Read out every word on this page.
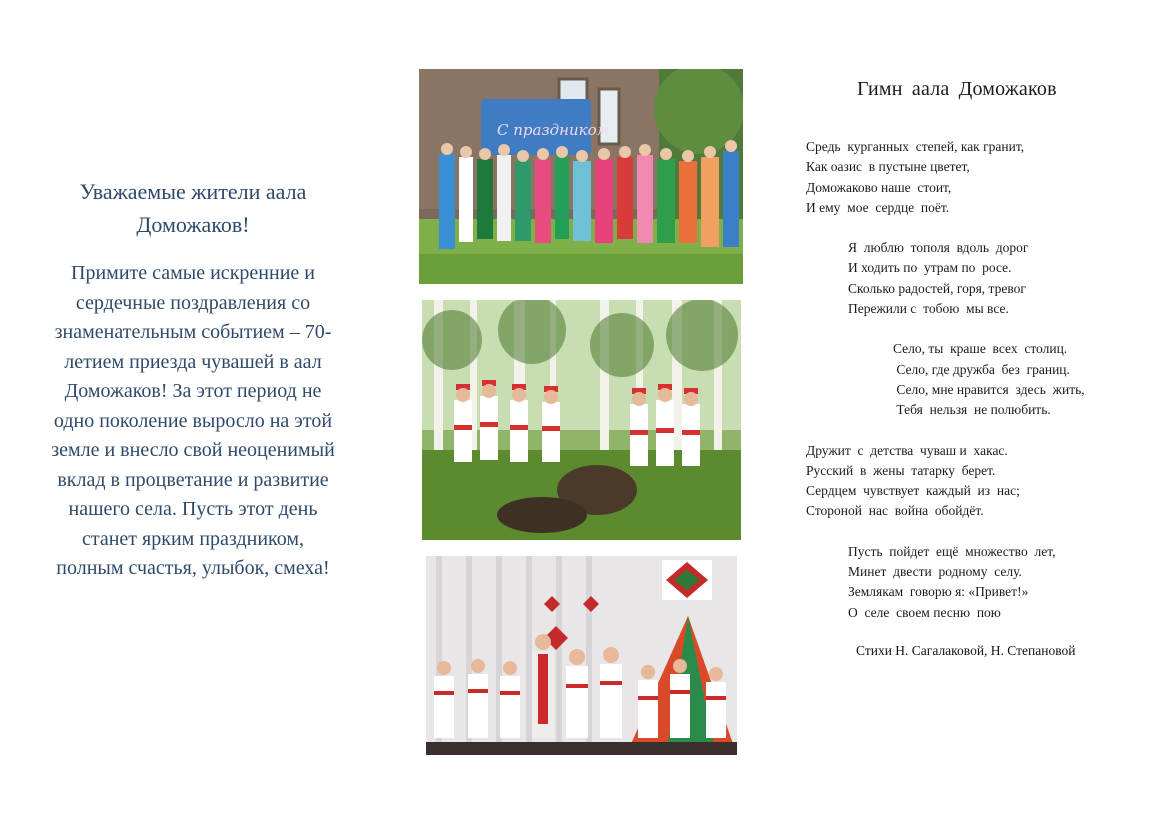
Уважаемые жители аала
Доможаков!

Примите самые искренние и
сердечные поздравления со
знаменательным событием – 70-
летием приезда чувашей в аал
Доможаков! За этот период не
одно поколение выросло на этой
земле и внесло свой неоценимый
вклад в процветание и развитие
нашего села. Пусть этот день
станет ярким праздником,
полным счастья, улыбок, смеха!

С праздником
Гимн аала Доможаков
Средь  курганных  степей, как гранит,
Как оазис  в пустыне цветет,
Доможаково наше  стоит,
И ему  мое  сердце  поёт.
Я  люблю  тополя  вдоль  дорог
И ходить по  утрам по  росе.
Сколько радостей, горя, тревог
Пережили с  тобою  мы все.
Село, ты  краше  всех  столиц.
Село, где дружба  без  границ.
Село, мне нравится  здесь  жить,
Тебя  нельзя  не полюбить.
Дружит  с  детства  чуваш и  хакас.
Русский  в  жены  татарку  берет.
Сердцем  чувствует  каждый  из  нас;
Стороной  нас  война  обойдёт.
Пусть  пойдет  ещё  множество  лет,
Минет  двести  родному  селу.
Землякам  говорю я: «Привет!»
О  селе  своем песню  пою
Стихи Н. Сагалаковой, Н. Степановой
